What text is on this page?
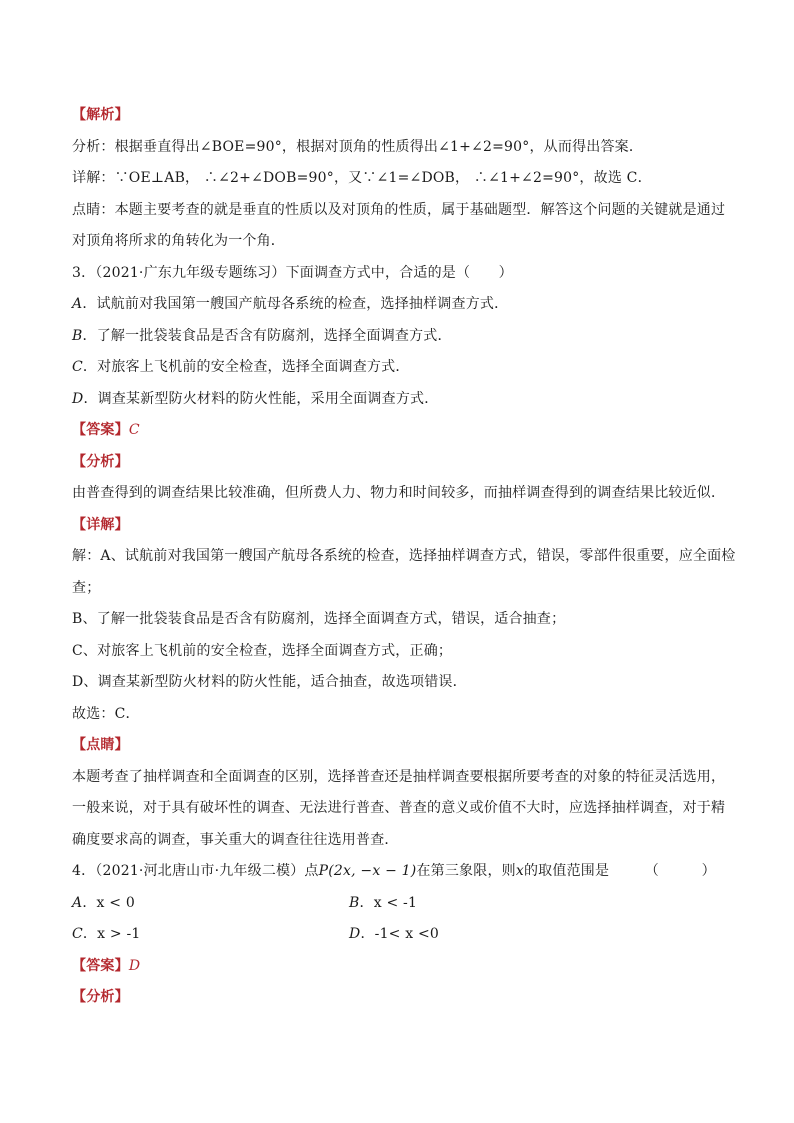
【解析】
分析：根据垂直得出∠BOE=90°，根据对顶角的性质得出∠1+∠2=90°，从而得出答案．
详解：∵OE⊥AB， ∴∠2+∠DOB=90°，又∵∠1=∠DOB， ∴∠1+∠2=90°，故选 C．
点睛：本题主要考查的就是垂直的性质以及对顶角的性质，属于基础题型．解答这个问题的关键就是通过
对顶角将所求的角转化为一个角．
3．（2021·广东九年级专题练习）下面调查方式中，合适的是（　　）
A．试航前对我国第一艘国产航母各系统的检查，选择抽样调查方式．
B．了解一批袋装食品是否含有防腐剂，选择全面调查方式．
C．对旅客上飞机前的安全检查，选择全面调查方式．
D．调查某新型防火材料的防火性能，采用全面调查方式．
【答案】C
【分析】
由普查得到的调查结果比较准确，但所费人力、物力和时间较多，而抽样调查得到的调查结果比较近似．
【详解】
解：A、试航前对我国第一艘国产航母各系统的检查，选择抽样调查方式，错误，零部件很重要，应全面检
查；
B、了解一批袋装食品是否含有防腐剂，选择全面调查方式，错误，适合抽查；
C、对旅客上飞机前的安全检查，选择全面调查方式，正确；
D、调查某新型防火材料的防火性能，适合抽查，故选项错误．
故选：C．
【点睛】
本题考查了抽样调查和全面调查的区别，选择普查还是抽样调查要根据所要考查的对象的特征灵活选用，
一般来说，对于具有破坏性的调查、无法进行普查、普查的意义或价值不大时，应选择抽样调查，对于精
确度要求高的调查，事关重大的调查往往选用普查．
4．（2021·河北唐山市·九年级二模）点P(2x, −x − 1)在第三象限，则x的取值范围是　　　（　　　）
A．x < 0	B．x < -1
C．x > -1	D．-1< x <0
【答案】D
【分析】
